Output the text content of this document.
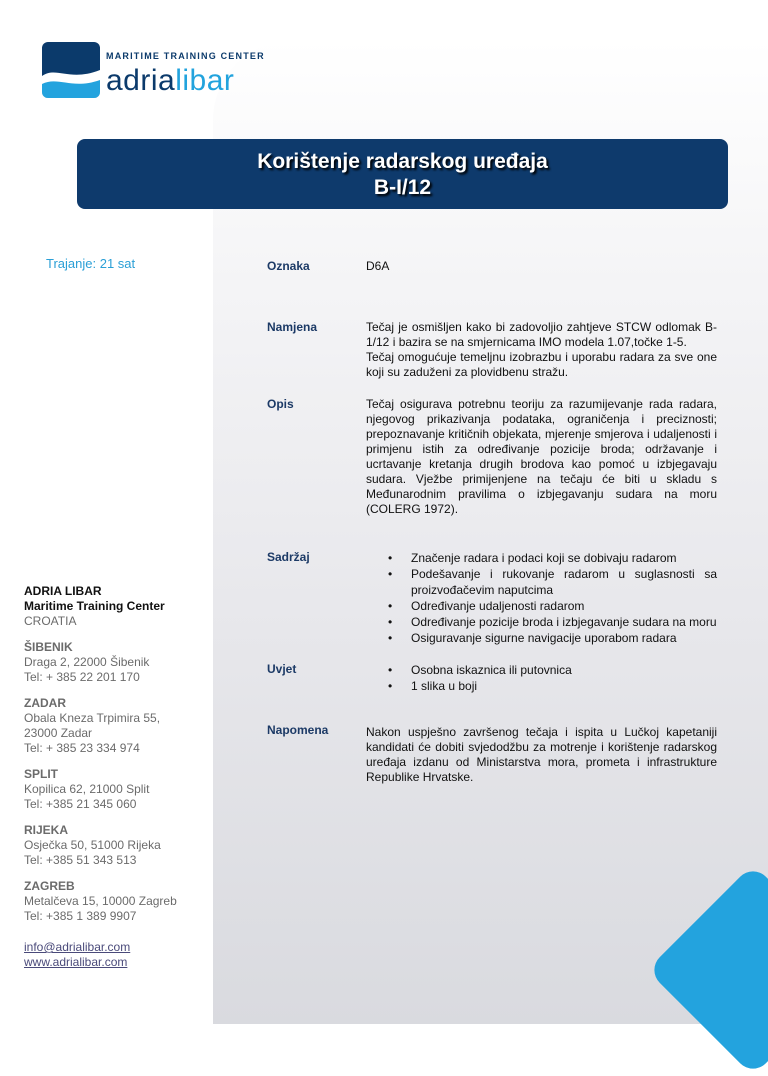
MARITIME TRAINING CENTER
adrialibar
Korištenje radarskog uređaja
B-I/12
Trajanje: 21 sat	Oznaka	D6A
Namjena	Tečaj je osmišljen kako bi zadovoljio zahtjeve STCW odlomak B-1/12 i bazira se na smjernicama IMO modela 1.07,točke 1-5.

Tečaj omogućuje temeljnu izobrazbu i uporabu radara za sve one koji su zaduženi za plovidbenu stražu.

Opis	Tečaj osigurava potrebnu teoriju za razumijevanje rada radara, njegovog prikazivanja podataka, ograničenja i preciznosti; prepoznavanje kritičnih objekata, mjerenje smjerova i udaljenosti i primjenu istih za određivanje pozicije broda; održavanje i ucrtavanje kretanja drugih brodova kao pomoć u izbjegavaju sudara. Vježbe primijenjene na tečaju će biti u skladu s Međunarodnim pravilima o izbjegavanju sudara na moru (COLERG 1972).
Sadržaj	• Značenje radara i podaci koji se dobivaju radarom
• Podešavanje i rukovanje radarom u suglasnosti sa proizvođačevim naputcima
• Određivanje udaljenosti radarom
• Određivanje pozicije broda i izbjegavanje sudara na moru
• Osiguravanje sigurne navigacije uporabom radara
Uvjet	• Osobna iskaznica ili putovnica
• 1 slika u boji
Napomena	Nakon uspješno završenog tečaja i ispita u Lučkoj kapetaniji kandidati će dobiti svjedodžbu za motrenje i korištenje radarskog uređaja izdanu od Ministarstva mora, prometa i infrastrukture Republike Hrvatske.
ADRIA LIBAR
Maritime Training Center
CROATIA
ŠIBENIK
Draga 2, 22000 Šibenik
Tel: + 385 22 201 170
ZADAR
Obala Kneza Trpimira 55,
23000 Zadar
Tel: + 385 23 334 974
SPLIT
Kopilica 62, 21000 Split
Tel: +385 21 345 060
RIJEKA
Osječka 50, 51000 Rijeka
Tel: +385 51 343 513
ZAGREB
Metalčeva 15, 10000 Zagreb
Tel: +385 1 389 9907
info@adrialibar.com
www.adrialibar.com
